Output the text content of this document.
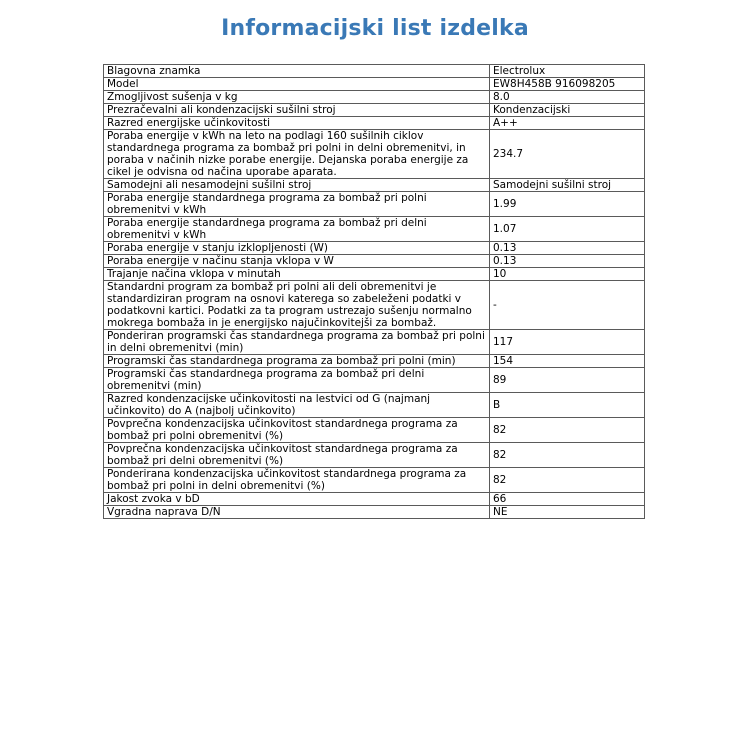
Informacijski list izdelka
Blagovna znamka	Electrolux
Model	EW8H458B 916098205
Zmogljivost sušenja v kg	8.0
Prezračevalni ali kondenzacijski sušilni stroj	Kondenzacijski
Razred energijske učinkovitosti	A++
Poraba energije v kWh na leto na podlagi 160 sušilnih ciklov standardnega programa za bombaž pri polni in delni obremenitvi, in poraba v načinih nizke porabe energije. Dejanska poraba energije za cikel je odvisna od načina uporabe aparata.	234.7
Samodejni ali nesamodejni sušilni stroj	Samodejni sušilni stroj
Poraba energije standardnega programa za bombaž pri polni obremenitvi v kWh	1.99
Poraba energije standardnega programa za bombaž pri delni obremenitvi v kWh	1.07
Poraba energije v stanju izklopljenosti (W)	0.13
Poraba energije v načinu stanja vklopa v W	0.13
Trajanje načina vklopa v minutah	10
Standardni program za bombaž pri polni ali deli obremenitvi je standardiziran program na osnovi katerega so zabeleženi podatki v podatkovni kartici. Podatki za ta program ustrezajo sušenju normalno mokrega bombaža in je energijsko najučinkovitejši za bombaž.	-
Ponderiran programski čas standardnega programa za bombaž pri polni in delni obremenitvi (min)	117
Programski čas standardnega programa za bombaž pri polni (min)	154
Programski čas standardnega programa za bombaž pri delni obremenitvi (min)	89
Razred kondenzacijske učinkovitosti na lestvici od G (najmanj učinkovito) do A (najbolj učinkovito)	B
Povprečna kondenzacijska učinkovitost standardnega programa za bombaž pri polni obremenitvi (%)	82
Povprečna kondenzacijska učinkovitost standardnega programa za bombaž pri delni obremenitvi (%)	82
Ponderirana kondenzacijska učinkovitost standardnega programa za bombaž pri polni in delni obremenitvi (%)	82
Jakost zvoka v bD	66
Vgradna naprava D/N	NE
